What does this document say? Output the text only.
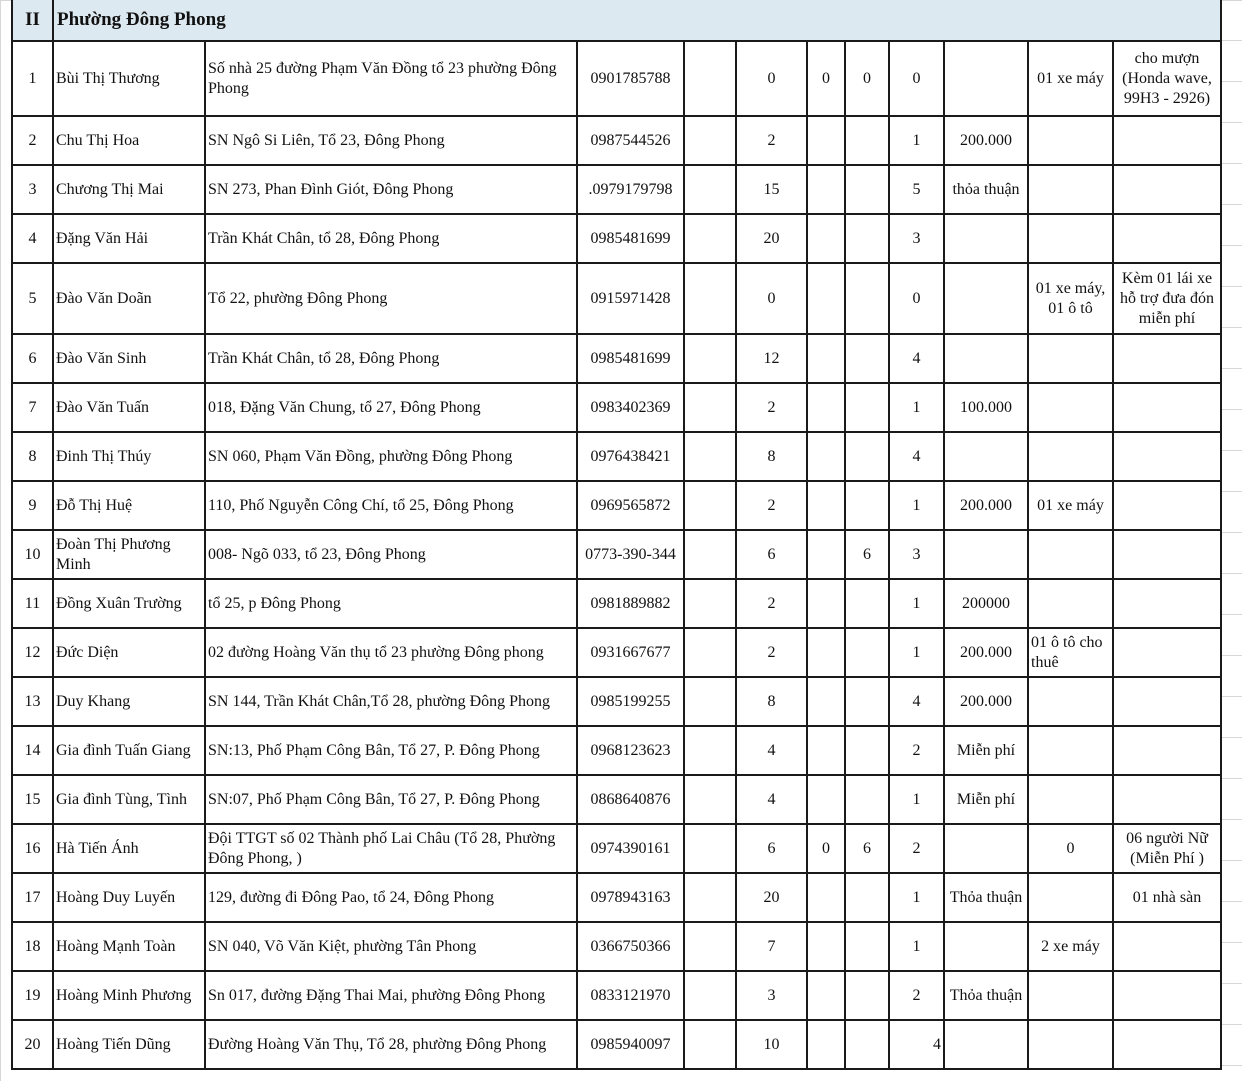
II	Phường Đông Phong										
1	Bùi Thị Thương	Số nhà 25 đường Phạm Văn Đồng tổ 23 phường Đông Phong	0901785788		0	0	0	0		01 xe máy	cho mượn (Honda wave, 99H3 - 2926)
2	Chu Thị Hoa	SN Ngô Si Liên, Tổ 23, Đông Phong	0987544526		2			1	200.000		
3	Chương Thị Mai	SN 273, Phan Đình Giót, Đông Phong	.0979179798		15			5	thỏa thuận		
4	Đặng Văn Hải	Trần Khát Chân, tổ 28, Đông Phong	0985481699		20			3			
5	Đào Văn Doãn	Tổ 22, phường Đông Phong	0915971428		0			0		01 xe máy, 01 ô tô	Kèm 01 lái xe hỗ trợ đưa đón miễn phí
6	Đào Văn Sinh	Trần Khát Chân, tổ 28, Đông Phong	0985481699		12			4			
7	Đào Văn Tuấn	018, Đặng Văn Chung, tổ 27, Đông Phong	0983402369		2			1	100.000		
8	Đinh Thị Thúy	SN 060, Phạm Văn Đồng, phường Đông Phong	0976438421		8			4			
9	Đỗ Thị Huệ	110, Phố Nguyễn Công Chí, tổ 25, Đông Phong	0969565872		2			1	200.000	01 xe máy	
10	Đoàn Thị Phương Minh	008- Ngõ 033, tổ 23, Đông Phong	0773-390-344		6		6	3			
11	Đồng Xuân Trường	tổ 25, p Đông Phong	0981889882		2			1	200000		
12	Đức Diện	02 đường Hoàng Văn thụ tổ 23 phường Đông phong	0931667677		2			1	200.000	01 ô tô cho thuê	
13	Duy Khang	SN 144, Trần Khát Chân,Tổ 28, phường Đông Phong	0985199255		8			4	200.000		
14	Gia đình Tuấn Giang	SN:13, Phố Phạm Công Bân, Tổ 27, P. Đông Phong	0968123623		4			2	Miễn phí		
15	Gia đình Tùng, Tình	SN:07, Phố Phạm Công Bân, Tổ 27, P. Đông Phong	0868640876		4			1	Miễn phí		
16	Hà Tiến Ánh	Đội TTGT số 02 Thành phố Lai Châu (Tổ 28, Phường Đông Phong, )	0974390161		6	0	6	2		0	06 người Nữ (Miễn Phí )
17	Hoàng Duy Luyến	129, đường đi Đông Pao, tổ 24, Đông Phong	0978943163		20			1	Thỏa thuận		01 nhà sàn
18	Hoàng Mạnh Toàn	SN 040, Võ Văn Kiệt, phường Tân Phong	0366750366		7			1		2 xe máy	
19	Hoàng Minh Phương	Sn 017, đường Đặng Thai Mai, phường Đông Phong	0833121970		3			2	Thỏa thuận		
20	Hoàng Tiến Dũng	Đường Hoàng Văn Thụ, Tổ 28, phường Đông Phong	0985940097		10			4			
